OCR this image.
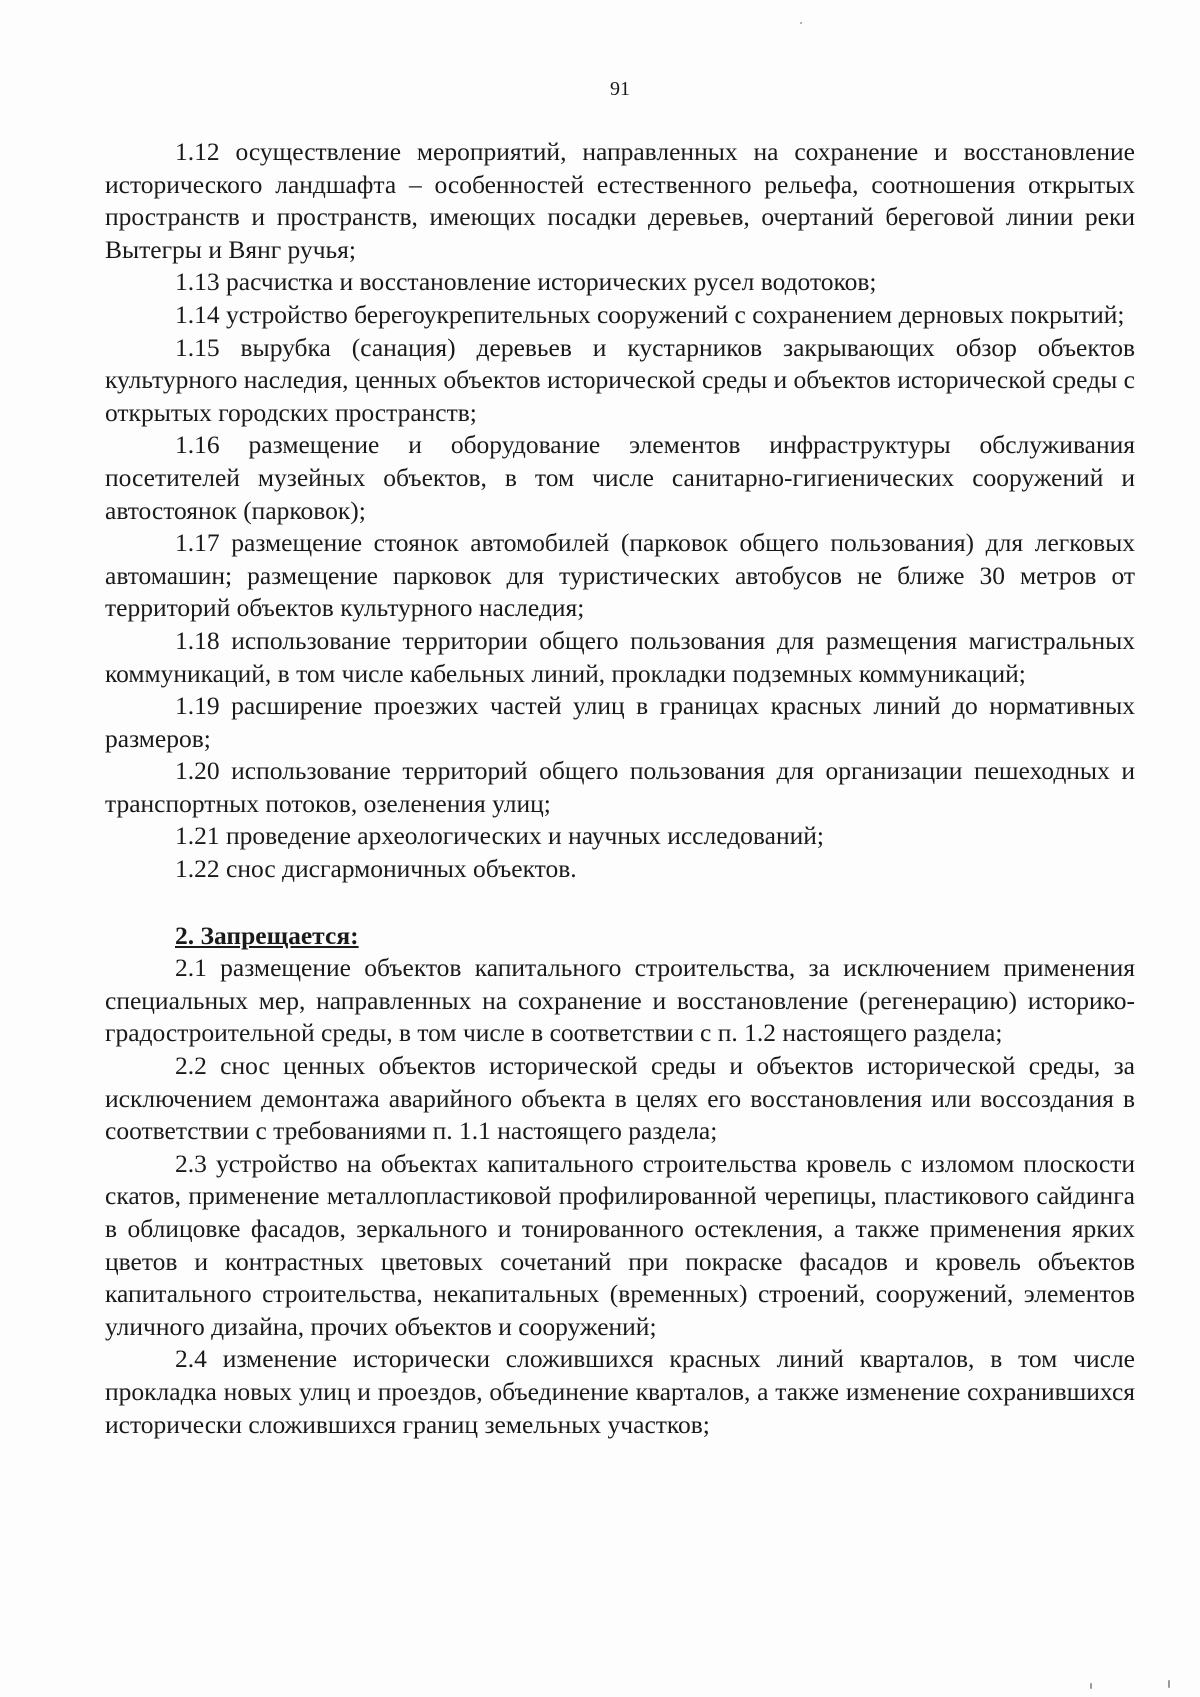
91

1.12 осуществление мероприятий, направленных на сохранение и восстановление исторического ландшафта – особенностей естественного рельефа, соотношения открытых пространств и пространств, имеющих посадки деревьев, очертаний береговой линии реки Вытегры и Вянг ручья;

1.13 расчистка и восстановление исторических русел водотоков;

1.14 устройство берегоукрепительных сооружений с сохранением дерновых покрытий;

1.15 вырубка (санация) деревьев и кустарников закрывающих обзор объектов культурного наследия, ценных объектов исторической среды и объектов исторической среды с открытых городских пространств;

1.16 размещение и оборудование элементов инфраструктуры обслуживания посетителей музейных объектов, в том числе санитарно-гигиенических сооружений и автостоянок (парковок);

1.17 размещение стоянок автомобилей (парковок общего пользования) для легковых автомашин; размещение парковок для туристических автобусов не ближе 30 метров от территорий объектов культурного наследия;

1.18 использование территории общего пользования для размещения магистральных коммуникаций, в том числе кабельных линий, прокладки подземных коммуникаций;

1.19 расширение проезжих частей улиц в границах красных линий до нормативных размеров;

1.20 использование территорий общего пользования для организации пешеходных и транспортных потоков, озеленения улиц;

1.21 проведение археологических и научных исследований;

1.22 снос дисгармоничных объектов.

2. Запрещается:

2.1 размещение объектов капитального строительства, за исключением применения специальных мер, направленных на сохранение и восстановление (регенерацию) историко-градостроительной среды, в том числе в соответствии с п. 1.2 настоящего раздела;

2.2 снос ценных объектов исторической среды и объектов исторической среды, за исключением демонтажа аварийного объекта в целях его восстановления или воссоздания в соответствии с требованиями п. 1.1 настоящего раздела;

2.3 устройство на объектах капитального строительства кровель с изломом плоскости скатов, применение металлопластиковой профилированной черепицы, пластикового сайдинга в облицовке фасадов, зеркального и тонированного остекления, а также применения ярких цветов и контрастных цветовых сочетаний при покраске фасадов и кровель объектов капитального строительства, некапитальных (временных) строений, сооружений, элементов уличного дизайна, прочих объектов и сооружений;

2.4 изменение исторически сложившихся красных линий кварталов, в том числе прокладка новых улиц и проездов, объединение кварталов, а также изменение сохранившихся исторически сложившихся границ земельных участков;
